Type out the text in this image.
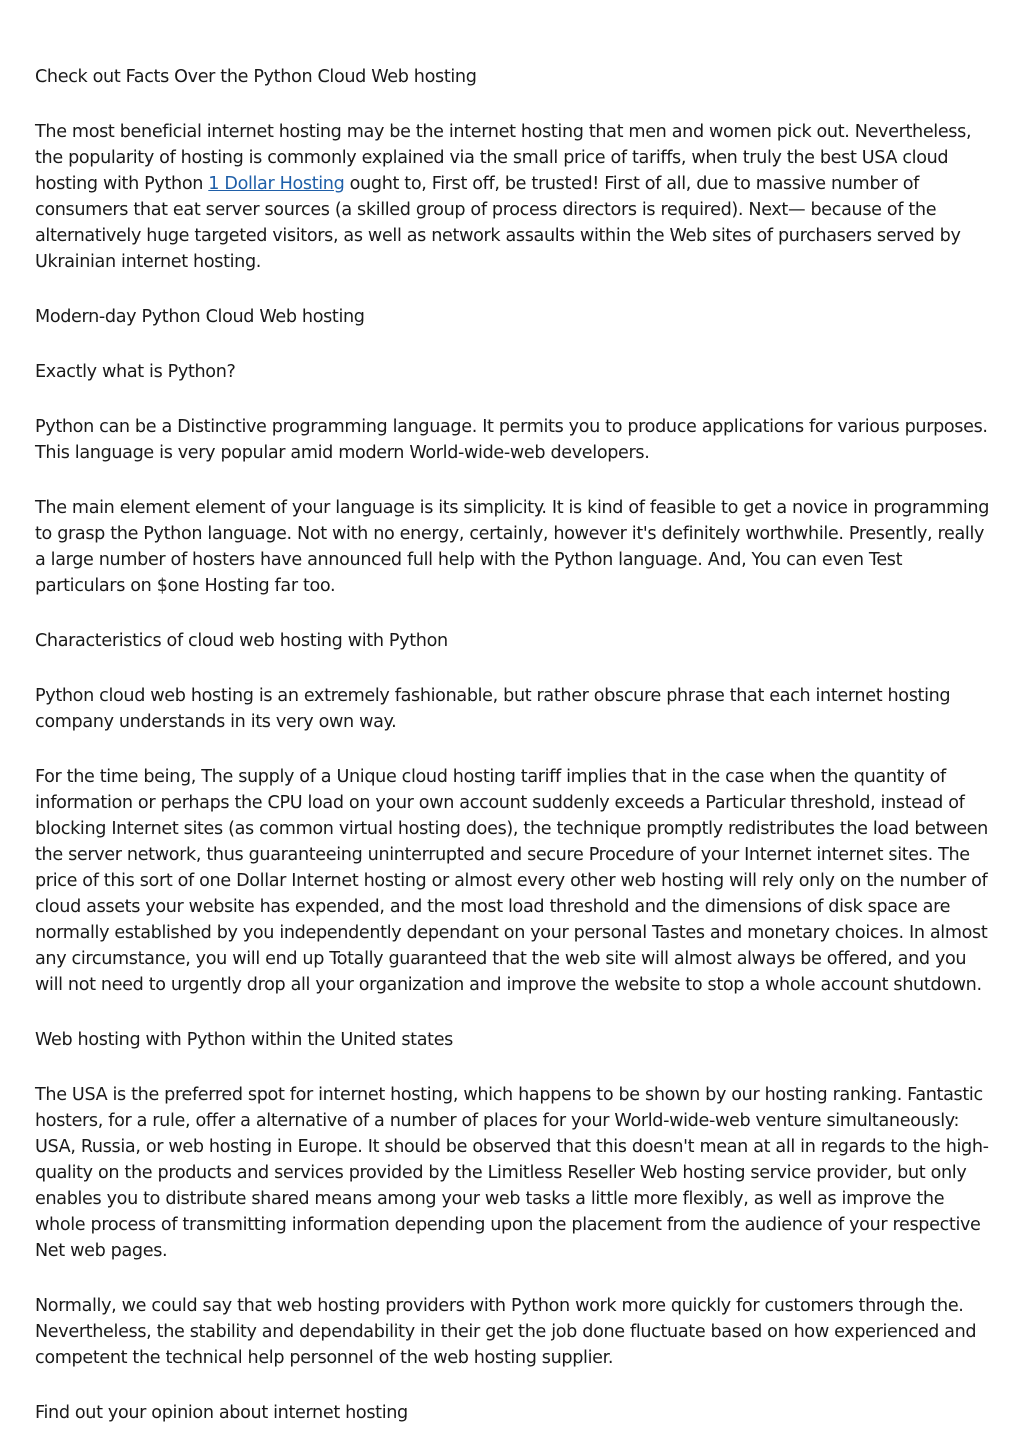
Check out Facts Over the Python Cloud Web hosting

The most beneficial internet hosting may be the internet hosting that men and women pick out. Nevertheless, the popularity of hosting is commonly explained via the small price of tariffs, when truly the best USA cloud hosting with Python 1 Dollar Hosting ought to, First off, be trusted! First of all, due to massive number of consumers that eat server sources (a skilled group of process directors is required). Next— because of the alternatively huge targeted visitors, as well as network assaults within the Web sites of purchasers served by Ukrainian internet hosting.

Modern-day Python Cloud Web hosting

Exactly what is Python?

Python can be a Distinctive programming language. It permits you to produce applications for various purposes. This language is very popular amid modern World-wide-web developers.

The main element element of your language is its simplicity. It is kind of feasible to get a novice in programming to grasp the Python language. Not with no energy, certainly, however it's definitely worthwhile. Presently, really a large number of hosters have announced full help with the Python language. And, You can even Test particulars on $one Hosting far too.

Characteristics of cloud web hosting with Python

Python cloud web hosting is an extremely fashionable, but rather obscure phrase that each internet hosting company understands in its very own way.

For the time being, The supply of a Unique cloud hosting tariff implies that in the case when the quantity of information or perhaps the CPU load on your own account suddenly exceeds a Particular threshold, instead of blocking Internet sites (as common virtual hosting does), the technique promptly redistributes the load between the server network, thus guaranteeing uninterrupted and secure Procedure of your Internet internet sites. The price of this sort of one Dollar Internet hosting or almost every other web hosting will rely only on the number of cloud assets your website has expended, and the most load threshold and the dimensions of disk space are normally established by you independently dependant on your personal Tastes and monetary choices. In almost any circumstance, you will end up Totally guaranteed that the web site will almost always be offered, and you will not need to urgently drop all your organization and improve the website to stop a whole account shutdown.

Web hosting with Python within the United states

The USA is the preferred spot for internet hosting, which happens to be shown by our hosting ranking. Fantastic hosters, for a rule, offer a alternative of a number of places for your World-wide-web venture simultaneously: USA, Russia, or web hosting in Europe. It should be observed that this doesn't mean at all in regards to the high-quality on the products and services provided by the Limitless Reseller Web hosting service provider, but only enables you to distribute shared means among your web tasks a little more flexibly, as well as improve the whole process of transmitting information depending upon the placement from the audience of your respective Net web pages.

Normally, we could say that web hosting providers with Python work more quickly for customers through the. Nevertheless, the stability and dependability in their get the job done fluctuate based on how experienced and competent the technical help personnel of the web hosting supplier.

Find out your opinion about internet hosting
